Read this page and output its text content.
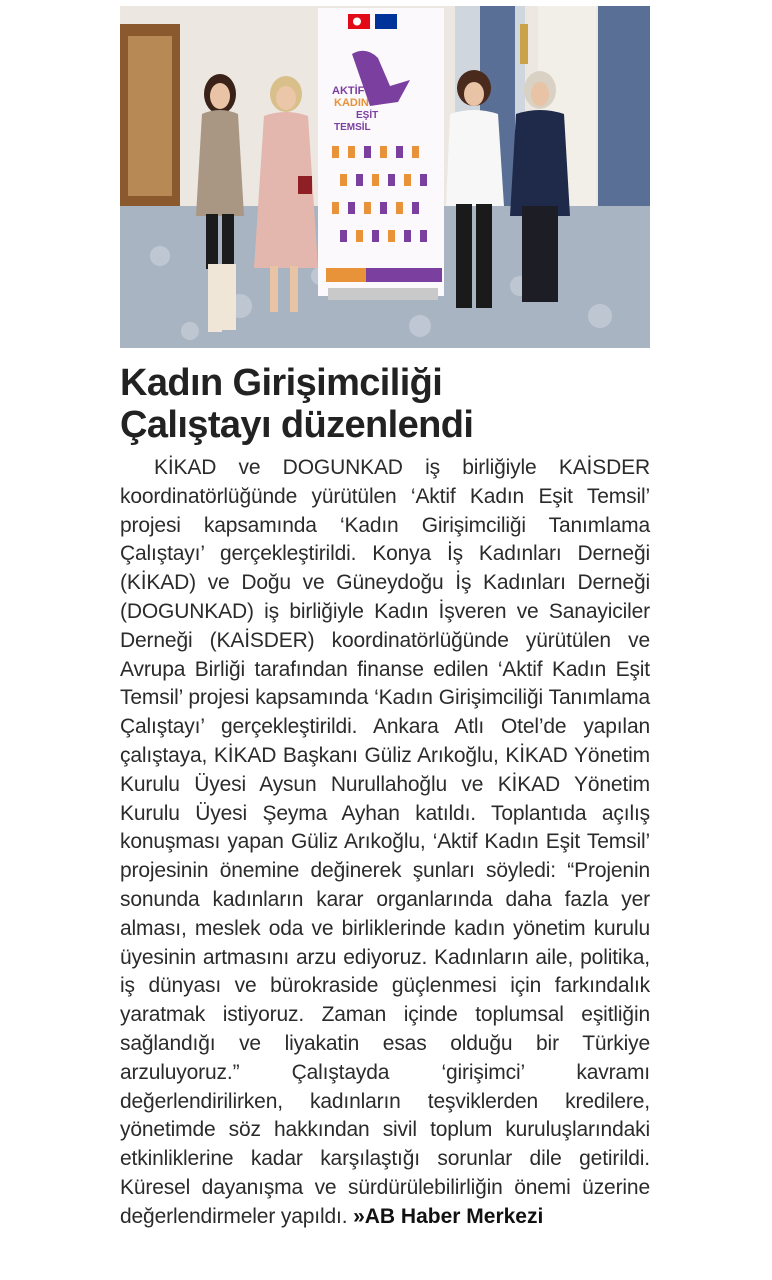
AKTİF
KADIN
EŞİT
TEMSİL
Kadın Girişimciliği
Çalıştayı düzenlendi

KİKAD ve DOGUNKAD iş birliğiyle KAİSDER koordinatörlüğünde yürütülen ‘Aktif Kadın Eşit Temsil’ projesi kapsamında ‘Kadın Girişimciliği Tanımlama Çalıştayı’ gerçekleştirildi. Konya İş Kadınları Derneği (KİKAD) ve Doğu ve Güneydoğu İş Kadınları Derneği (DOGUNKAD) iş birliğiyle Kadın İşveren ve Sanayiciler Derneği (KAİSDER) koordinatörlüğünde yürütülen ve Avrupa Birliği tarafından finanse edilen ‘Aktif Kadın Eşit Temsil’ projesi kapsamında ‘Kadın Girişimciliği Tanımlama Çalıştayı’ gerçekleştirildi. Ankara Atlı Otel’de yapılan çalıştaya, KİKAD Başkanı Güliz Arıkoğlu, KİKAD Yönetim Kurulu Üyesi Aysun Nurullahoğlu ve KİKAD Yönetim Kurulu Üyesi Şeyma Ayhan katıldı. Toplantıda açılış konuşması yapan Güliz Arıkoğlu, ‘Aktif Kadın Eşit Temsil’ projesinin önemine değinerek şunları söyledi: “Projenin sonunda kadınların karar organlarında daha fazla yer alması, meslek oda ve birliklerinde kadın yönetim kurulu üyesinin artmasını arzu ediyoruz. Kadınların aile, politika, iş dünyası ve bürokraside güçlenmesi için farkındalık yaratmak istiyoruz. Zaman içinde toplumsal eşitliğin sağlandığı ve liyakatin esas olduğu bir Türkiye arzuluyoruz.” Çalıştayda ‘girişimci’ kavramı değerlendirilirken, kadınların teşviklerden kredilere, yönetimde söz hakkından sivil toplum kuruluşlarındaki etkinliklerine kadar karşılaştığı sorunlar dile getirildi. Küresel dayanışma ve sürdürülebilirliğin önemi üzerine değerlendirmeler yapıldı. »AB Haber Merkezi
